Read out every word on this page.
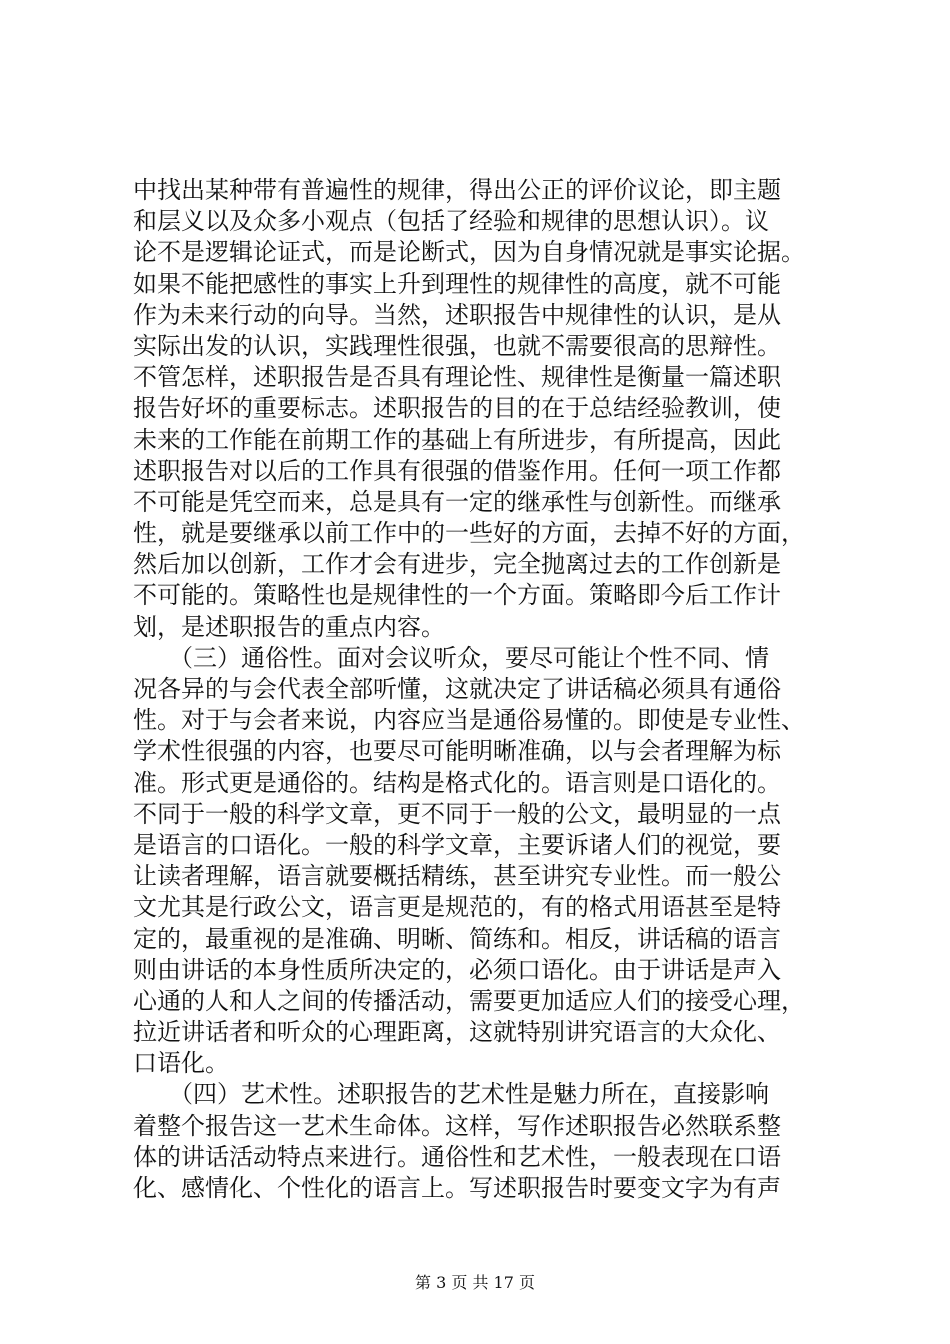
中找出某种带有普遍性的规律，得出公正的评价议论，即主题
和层义以及众多小观点（包括了经验和规律的思想认识）。议
论不是逻辑论证式，而是论断式，因为自身情况就是事实论据。
如果不能把感性的事实上升到理性的规律性的高度，就不可能
作为未来行动的向导。当然，述职报告中规律性的认识，是从
实际出发的认识，实践理性很强，也就不需要很高的思辩性。
不管怎样，述职报告是否具有理论性、规律性是衡量一篇述职
报告好坏的重要标志。述职报告的目的在于总结经验教训，使
未来的工作能在前期工作的基础上有所进步，有所提高，因此
述职报告对以后的工作具有很强的借鉴作用。任何一项工作都
不可能是凭空而来，总是具有一定的继承性与创新性。而继承
性，就是要继承以前工作中的一些好的方面，去掉不好的方面，
然后加以创新，工作才会有进步，完全抛离过去的工作创新是
不可能的。策略性也是规律性的一个方面。策略即今后工作计
划，是述职报告的重点内容。
　　（三）通俗性。面对会议听众，要尽可能让个性不同、情
况各异的与会代表全部听懂，这就决定了讲话稿必须具有通俗
性。对于与会者来说，内容应当是通俗易懂的。即使是专业性、
学术性很强的内容，也要尽可能明晰准确，以与会者理解为标
准。形式更是通俗的。结构是格式化的。语言则是口语化的。
不同于一般的科学文章，更不同于一般的公文，最明显的一点
是语言的口语化。一般的科学文章，主要诉诸人们的视觉，要
让读者理解，语言就要概括精练，甚至讲究专业性。而一般公
文尤其是行政公文，语言更是规范的，有的格式用语甚至是特
定的，最重视的是准确、明晰、简练和。相反，讲话稿的语言
则由讲话的本身性质所决定的，必须口语化。由于讲话是声入
心通的人和人之间的传播活动，需要更加适应人们的接受心理，
拉近讲话者和听众的心理距离，这就特别讲究语言的大众化、
口语化。
　　（四）艺术性。述职报告的艺术性是魅力所在，直接影响
着整个报告这一艺术生命体。这样，写作述职报告必然联系整
体的讲话活动特点来进行。通俗性和艺术性，一般表现在口语
化、感情化、个性化的语言上。写述职报告时要变文字为有声
第 3 页 共 17 页
